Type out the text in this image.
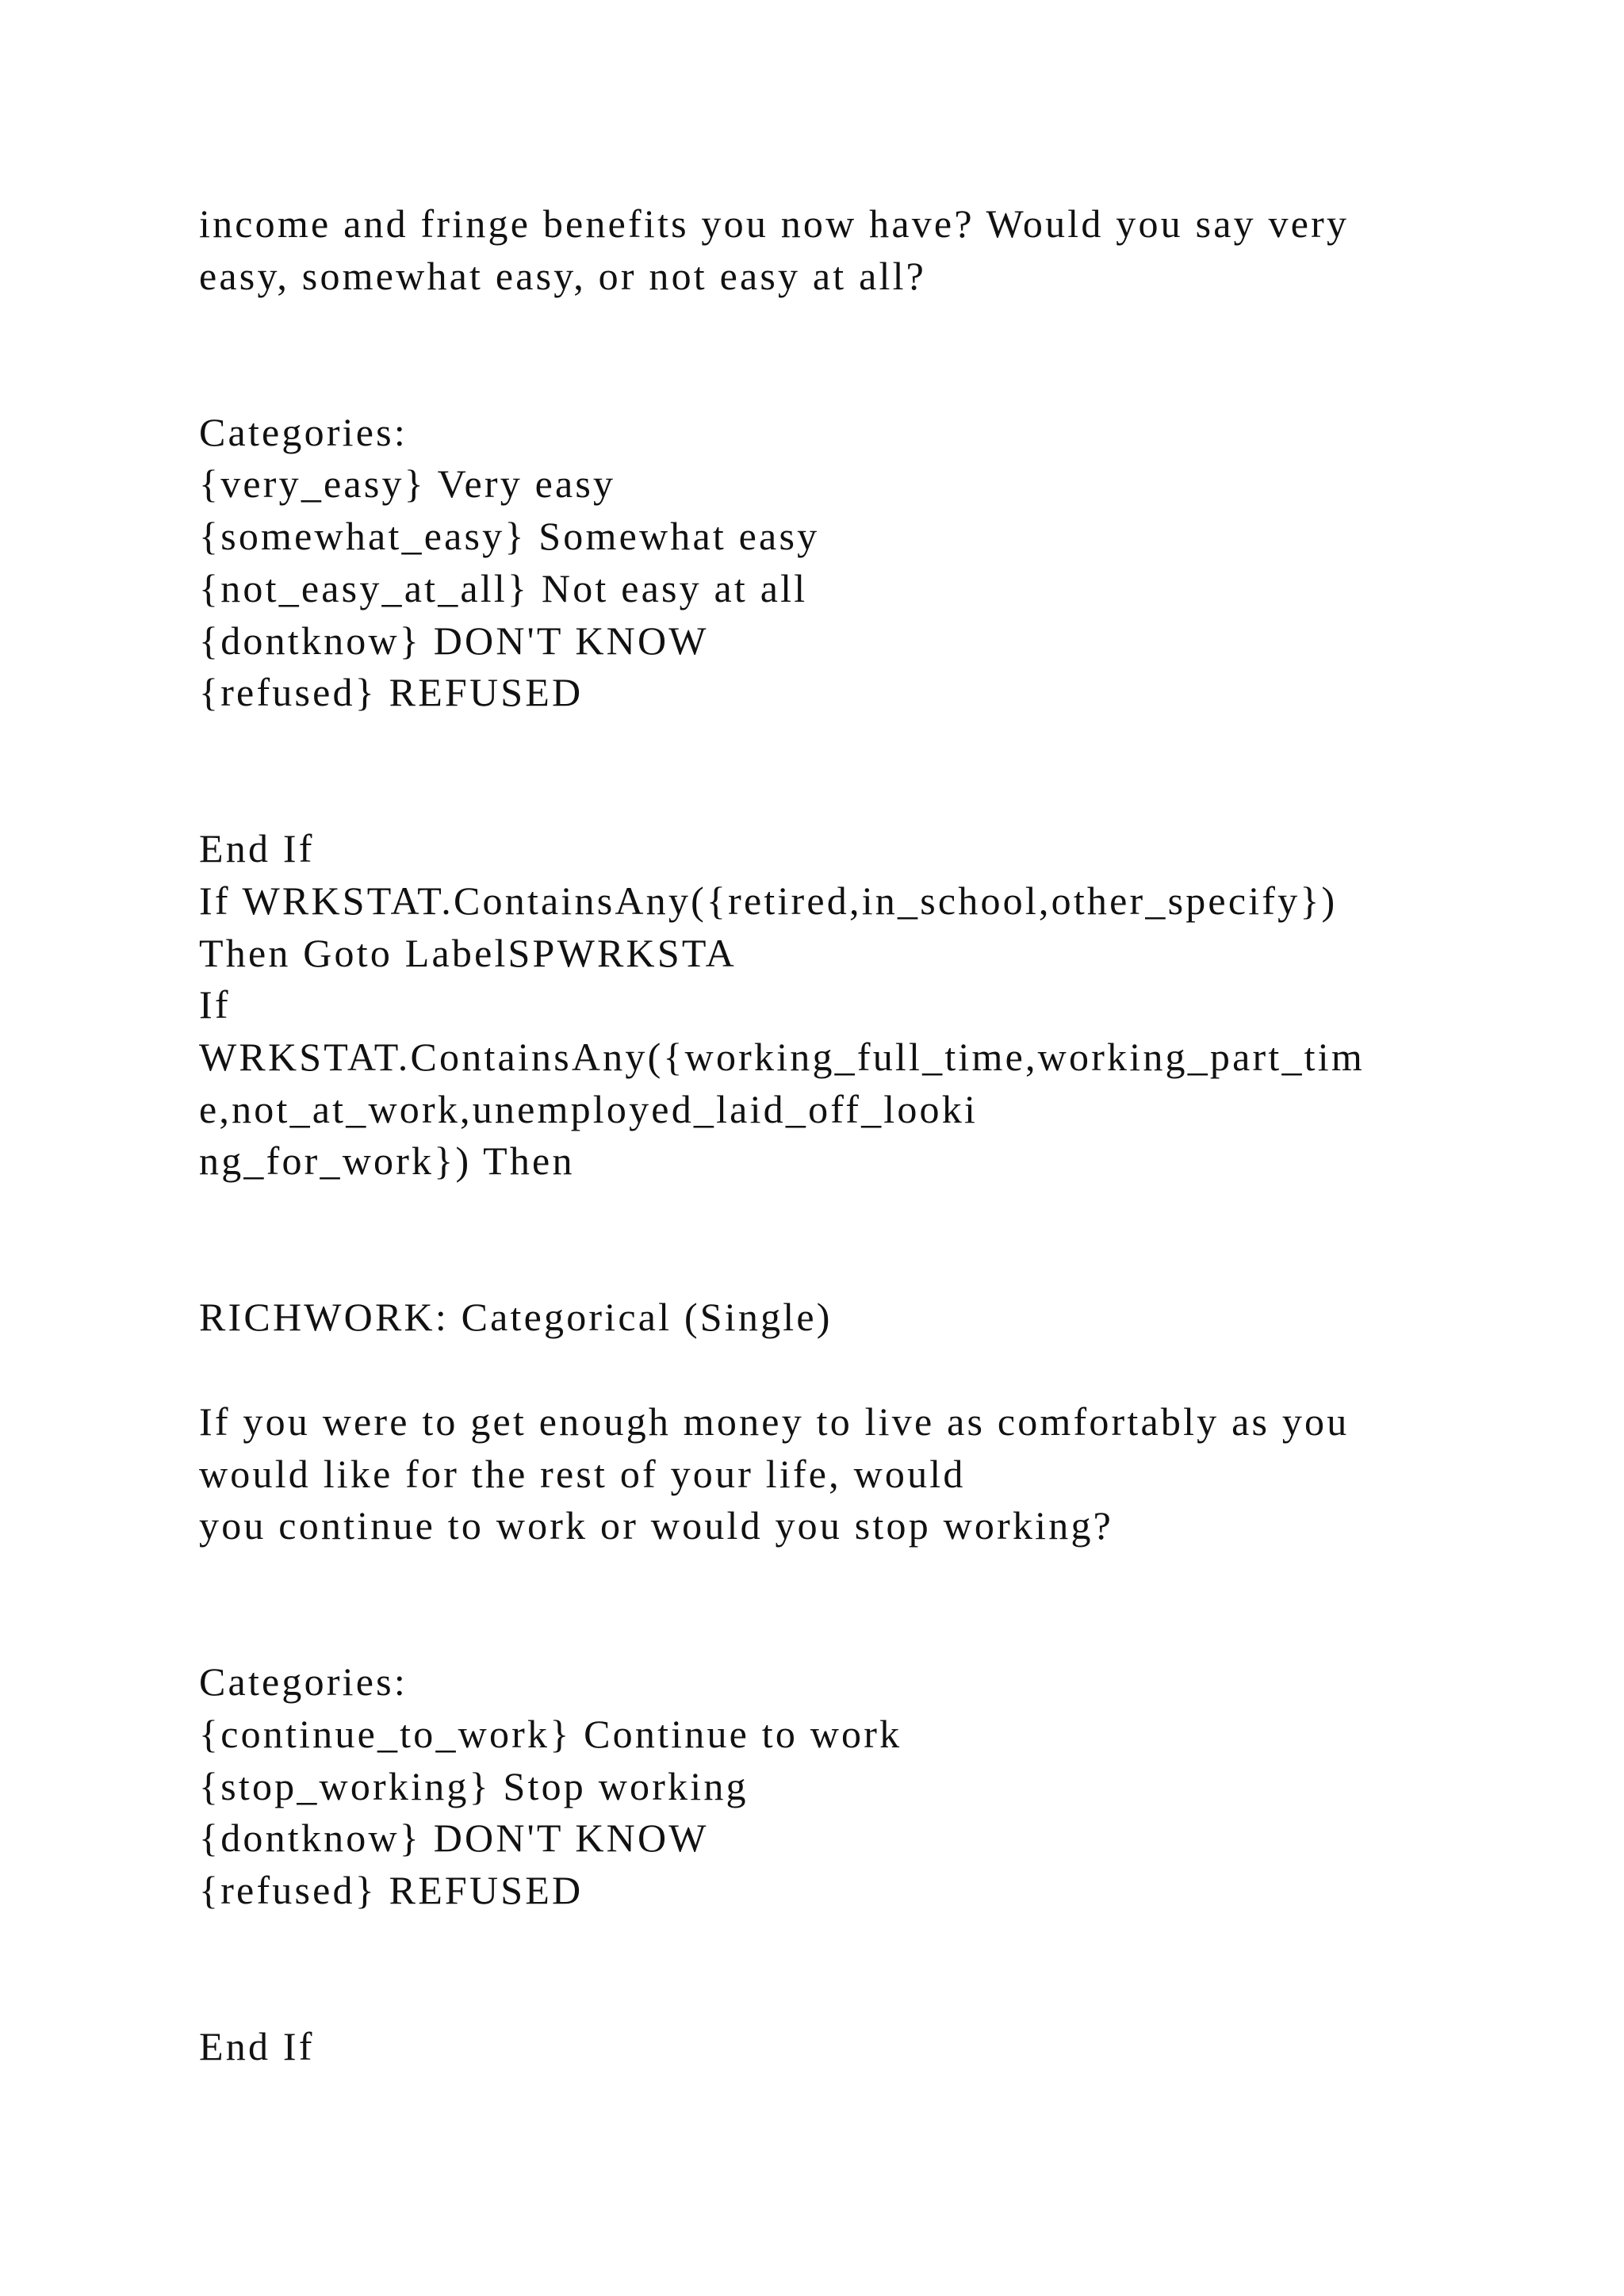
income and fringe benefits you now have? Would you say very
easy, somewhat easy, or not easy at all?
Categories:
{very_easy} Very easy
{somewhat_easy} Somewhat easy
{not_easy_at_all} Not easy at all
{dontknow} DON'T KNOW
{refused} REFUSED
End If
If WRKSTAT.ContainsAny({retired,in_school,other_specify})
Then Goto LabelSPWRKSTA
If
WRKSTAT.ContainsAny({working_full_time,working_part_tim
e,not_at_work,unemployed_laid_off_looki
ng_for_work}) Then
RICHWORK: Categorical (Single)
If you were to get enough money to live as comfortably as you
would like for the rest of your life, would
you continue to work or would you stop working?
Categories:
{continue_to_work} Continue to work
{stop_working} Stop working
{dontknow} DON'T KNOW
{refused} REFUSED
End If
